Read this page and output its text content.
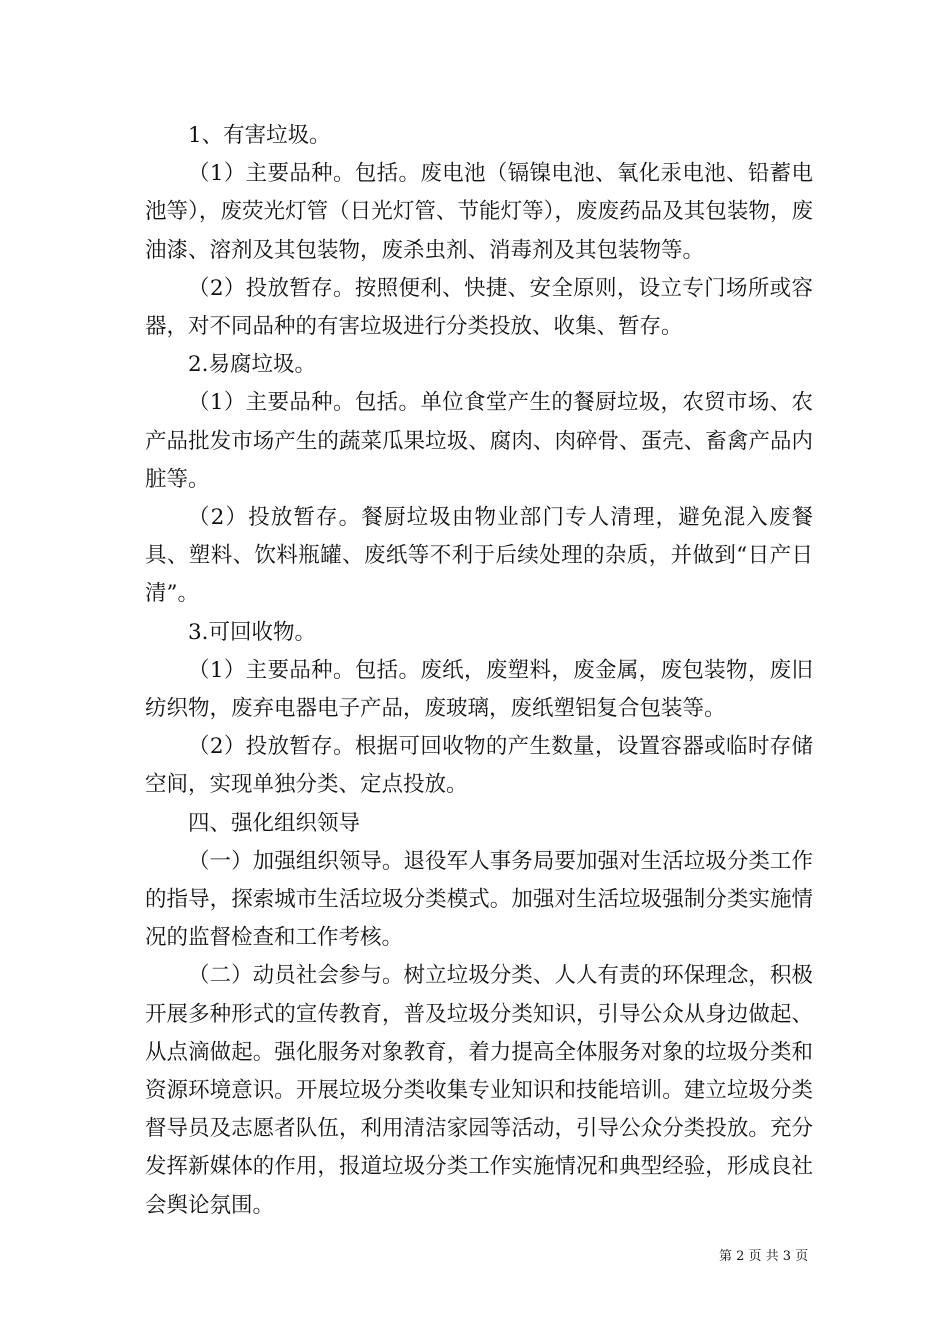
1、有害垃圾。

（1）主要品种。包括。废电池（镉镍电池、氧化汞电池、铅蓄电池等），废荧光灯管（日光灯管、节能灯等），废废药品及其包装物，废油漆、溶剂及其包装物，废杀虫剂、消毒剂及其包装物等。

（2）投放暂存。按照便利、快捷、安全原则，设立专门场所或容器，对不同品种的有害垃圾进行分类投放、收集、暂存。

2.易腐垃圾。

（1）主要品种。包括。单位食堂产生的餐厨垃圾，农贸市场、农产品批发市场产生的蔬菜瓜果垃圾、腐肉、肉碎骨、蛋壳、畜禽产品内脏等。

（2）投放暂存。餐厨垃圾由物业部门专人清理，避免混入废餐具、塑料、饮料瓶罐、废纸等不利于后续处理的杂质，并做到“日产日清”。

3.可回收物。

（1）主要品种。包括。废纸，废塑料，废金属，废包装物，废旧纺织物，废弃电器电子产品，废玻璃，废纸塑铝复合包装等。

（2）投放暂存。根据可回收物的产生数量，设置容器或临时存储空间，实现单独分类、定点投放。

四、强化组织领导

（一）加强组织领导。退役军人事务局要加强对生活垃圾分类工作的指导，探索城市生活垃圾分类模式。加强对生活垃圾强制分类实施情况的监督检查和工作考核。

（二）动员社会参与。树立垃圾分类、人人有责的环保理念，积极开展多种形式的宣传教育，普及垃圾分类知识，引导公众从身边做起、从点滴做起。强化服务对象教育，着力提高全体服务对象的垃圾分类和资源环境意识。开展垃圾分类收集专业知识和技能培训。建立垃圾分类督导员及志愿者队伍，利用清洁家园等活动，引导公众分类投放。充分发挥新媒体的作用，报道垃圾分类工作实施情况和典型经验，形成良社会舆论氛围。

第 2 页 共 3 页
